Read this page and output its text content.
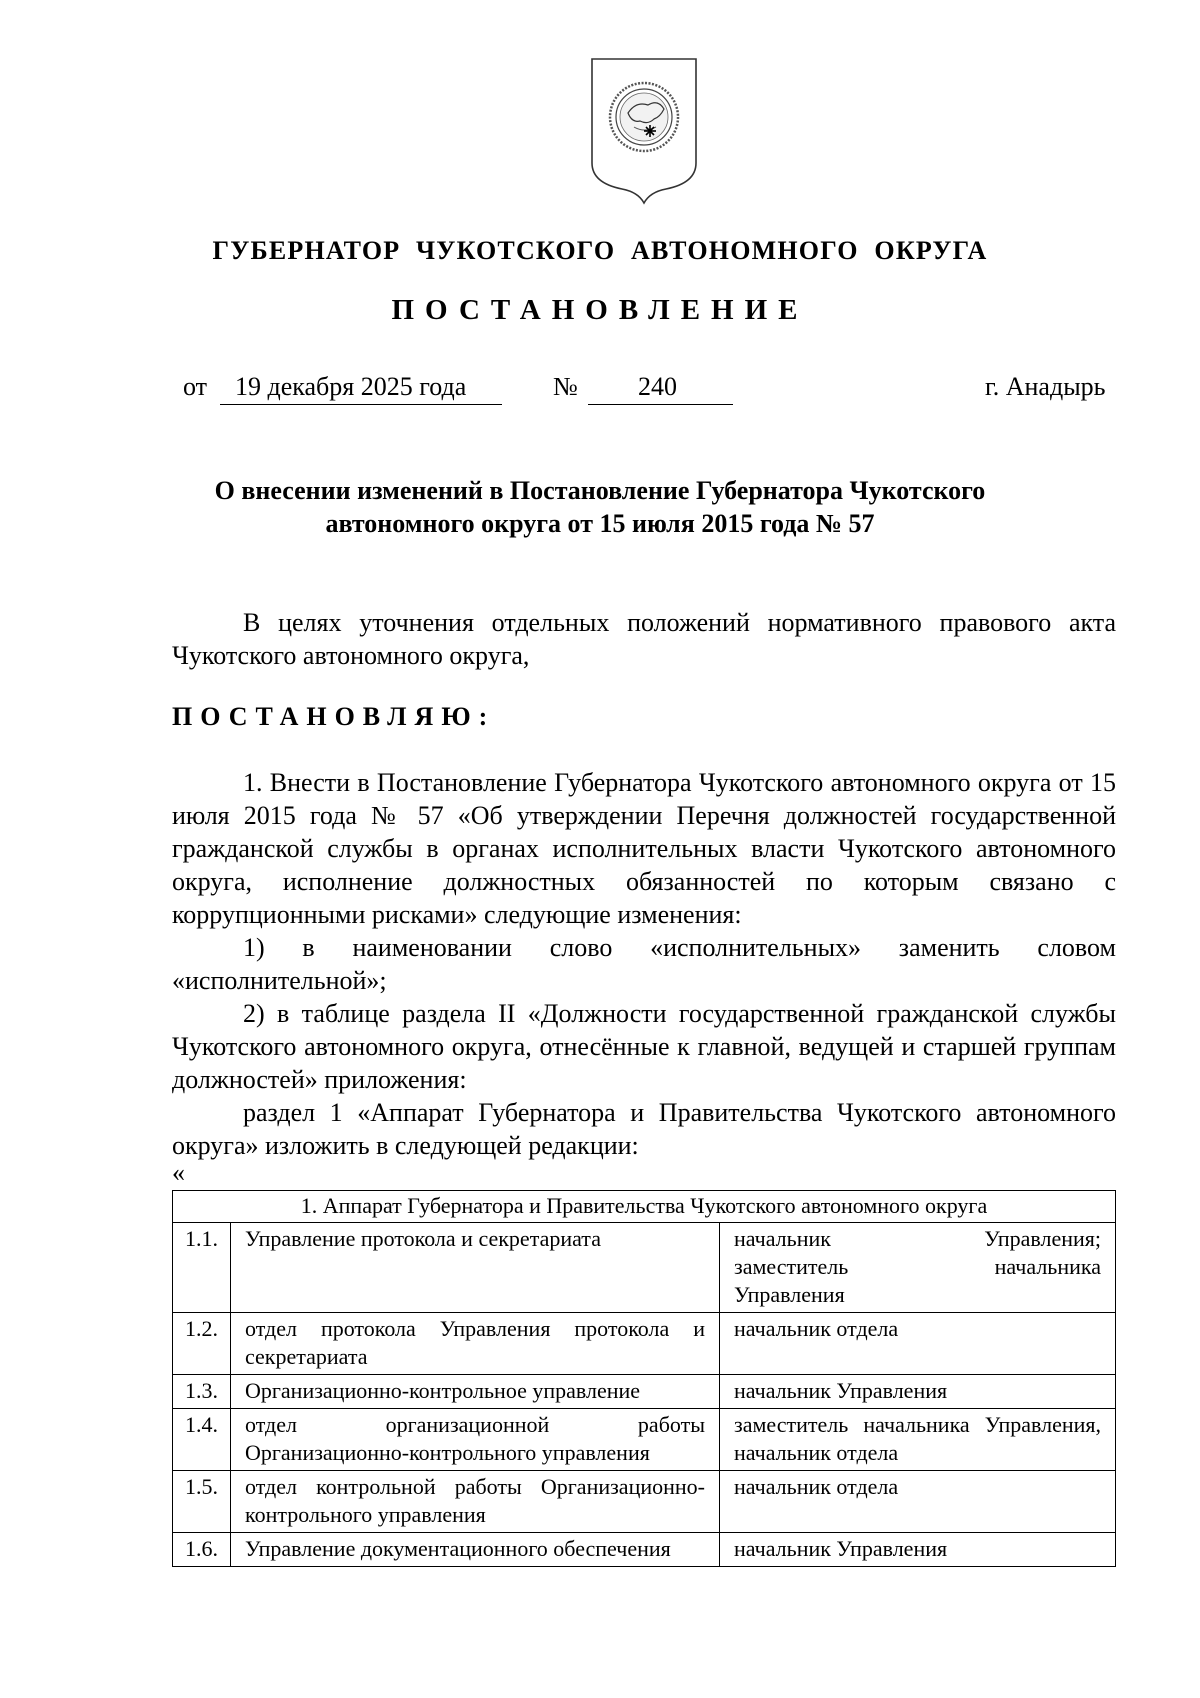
ГУБЕРНАТОР ЧУКОТСКОГО АВТОНОМНОГО ОКРУГА
ПОСТАНОВЛЕНИЕ
от 19 декабря 2025 года	№ 240	г. Анадырь
О внесении изменений в Постановление Губернатора Чукотского
автономного округа от 15 июля 2015 года № 57
В целях уточнения отдельных положений нормативного правового акта Чукотского автономного округа,
ПОСТАНОВЛЯЮ:
1. Внести в Постановление Губернатора Чукотского автономного округа от 15 июля 2015 года № 57 «Об утверждении Перечня должностей государственной гражданской службы в органах исполнительных власти Чукотского автономного округа, исполнение должностных обязанностей по которым связано с коррупционными рисками» следующие изменения:
1) в наименовании слово «исполнительных» заменить словом «исполнительной»;
2) в таблице раздела II «Должности государственной гражданской службы Чукотского автономного округа, отнесённые к главной, ведущей и старшей группам должностей» приложения:
раздел 1 «Аппарат Губернатора и Правительства Чукотского автономного округа» изложить в следующей редакции:
«
1. Аппарат Губернатора и Правительства Чукотского автономного округа		
1.1.	Управление протокола и секретариата	начальник Управления;
заместитель начальника
Управления

1.2.	отдел протокола Управления протокола и секретариата	начальник отдела
1.3.	Организационно-контрольное управление	начальник Управления
1.4.	отдел организационной работы Организационно-контрольного управления	заместитель начальника Управления, начальник отдела
1.5.	отдел контрольной работы Организационно-контрольного управления	начальник отдела
1.6.	Управление документационного обеспечения	начальник Управления
